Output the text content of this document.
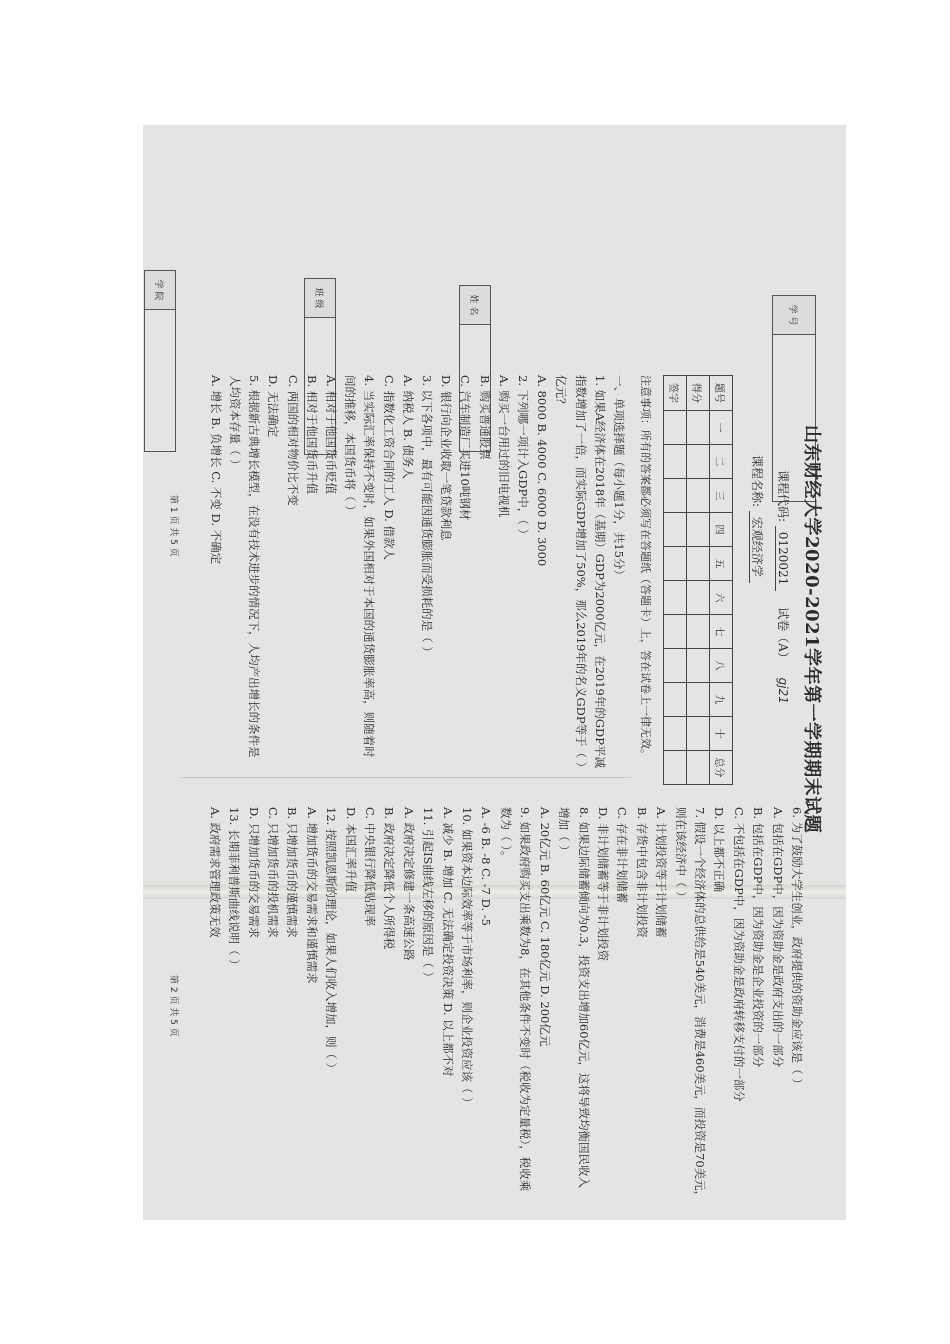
学 院	班 级	姓 名	学 号
山东财经大学2020-2021学年第一学期期末试题
课程代码: 0120021 试卷（A） gj21
课程名称: 宏观经济学
题号	一	二	三	四	五	六	七	八	九	十	总分
得分											
签字											
注意事项：所有的答案都必须写在答题纸（答题卡）上，答在试卷上一律无效。
一、单项选择题（每小题1分，共15分）
1. 如果A经济体在2018年（基期）GDP为2000亿元，在2019年的GDP平减
指数增加了一倍，而实际GDP增加了50%，那么2019年的名义GDP等于（ ）
亿元？
A. 8000 B. 4000 C. 6000 D. 3000
2. 下列哪一项计入GDP中，（ ）
A. 购买一台用过的旧电视机
B. 购买普通股票
C. 汽车制造厂买进10吨钢材
D. 银行向企业收取一笔贷款利息
3. 以下各项中，最有可能因通货膨胀而受损耗的是（ ）
A. 纳税人 B. 债务人
C. 指数化工资合同的工人 D. 借款人
4. 当实际汇率保持不变时，如果外国相对于本国的通货膨胀率高，则随着时
间的推移，本国货币将（ ）
A. 相对于他国货币贬值
B. 相对于他国货币升值
C. 两国的相对物价比不变
D. 无法确定
5. 根据新古典增长模型，在没有技术进步的情况下，人均产出增长的条件是
人均资本存量（ ）
A. 增长 B. 负增长 C. 不变 D. 不确定
第 1 页 共 5 页
6. 为了鼓励大学生创业，政府提供的资助金应该是（ ）
A. 包括在GDP中，因为资助金是政府支出的一部分
B. 包括在GDP中，因为资助金是企业投资的一部分
C. 不包括在GDP中，因为资助金是政府转移支付的一部分
D. 以上都不正确
7. 假设一个经济体的总供给是540美元，消费是460美元，而投资是70美元，
则在该经济中（ ）
A. 计划投资等于计划储蓄
B. 存货中包含非计划投资
C. 存在非计划储蓄
D. 非计划储蓄等于非计划投资
8. 如果边际储蓄倾向为0.3，投资支出增加60亿元，这将导致均衡国民收入
增加（ ）
A. 20亿元 B. 60亿元 C. 180亿元 D. 200亿元
9. 如果政府购买支出乘数为8，在其他条件不变时（税收为定量税），税收乘
数为（ ）。
A. -6 B. -8 C. -7 D. -5
10. 如果资本边际效率等于市场利率，则企业投资应该（ ）
A. 减少 B. 增加 C. 无法确定投资决策 D. 以上都不对
11. 引起IS曲线左移的原因是（ ）
A. 政府决定修建一条高速公路
B. 政府决定降低个人所得税
C. 中央银行降低贴现率
D. 本国汇率升值
12. 按照凯恩斯的理论，如果人们收入增加，则（ ）
A. 增加货币的交易需求和谨慎需求
B. 只增加货币的谨慎需求
C. 只增加货币的投机需求
D. 只增加货币的交易需求
13. 长期菲利普斯曲线说明（ ）
A. 政府需求管理政策无效
第 2 页 共 5 页
